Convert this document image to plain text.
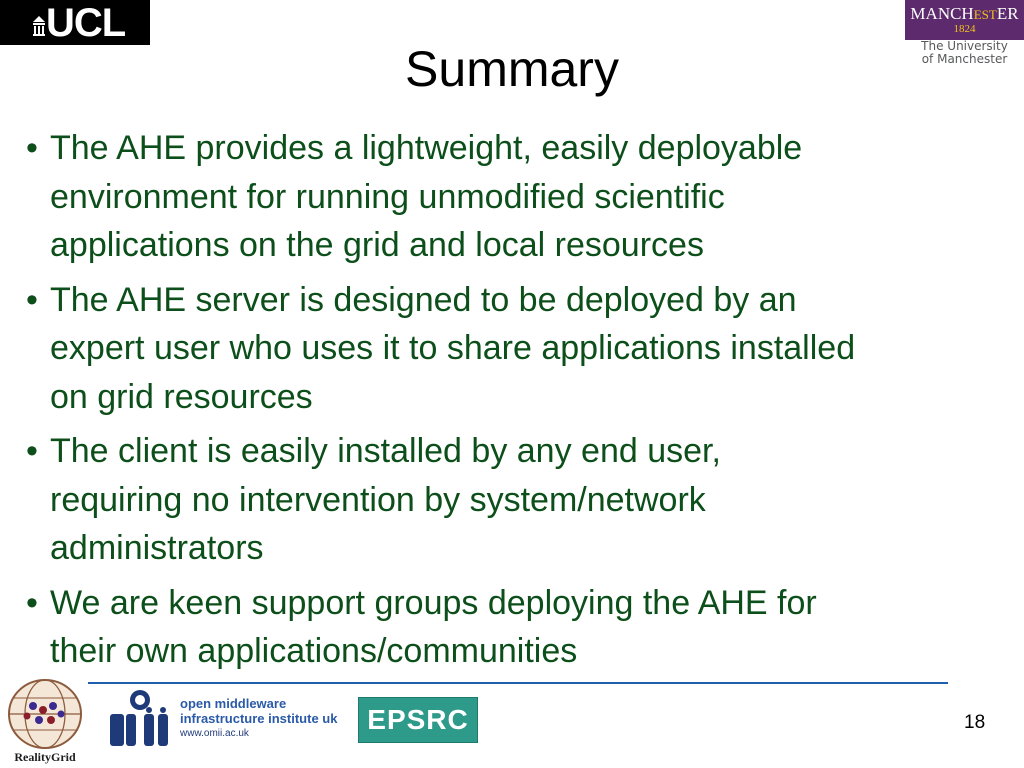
UCL	MANCHESTER
1824
The University
of Manchester
Summary
• The AHE provides a lightweight, easily deployable
environment for running unmodified scientific
applications on the grid and local resources
• The AHE server is designed to be deployed by an
expert user who uses it to share applications installed
on grid resources
• The client is easily installed by any end user,
requiring no intervention by system/network
administrators
• We are keen support groups deploying the AHE for
their own applications/communities
RealityGrid
open middleware
infrastructure institute uk
www.omii.ac.uk	EPSRC	18
